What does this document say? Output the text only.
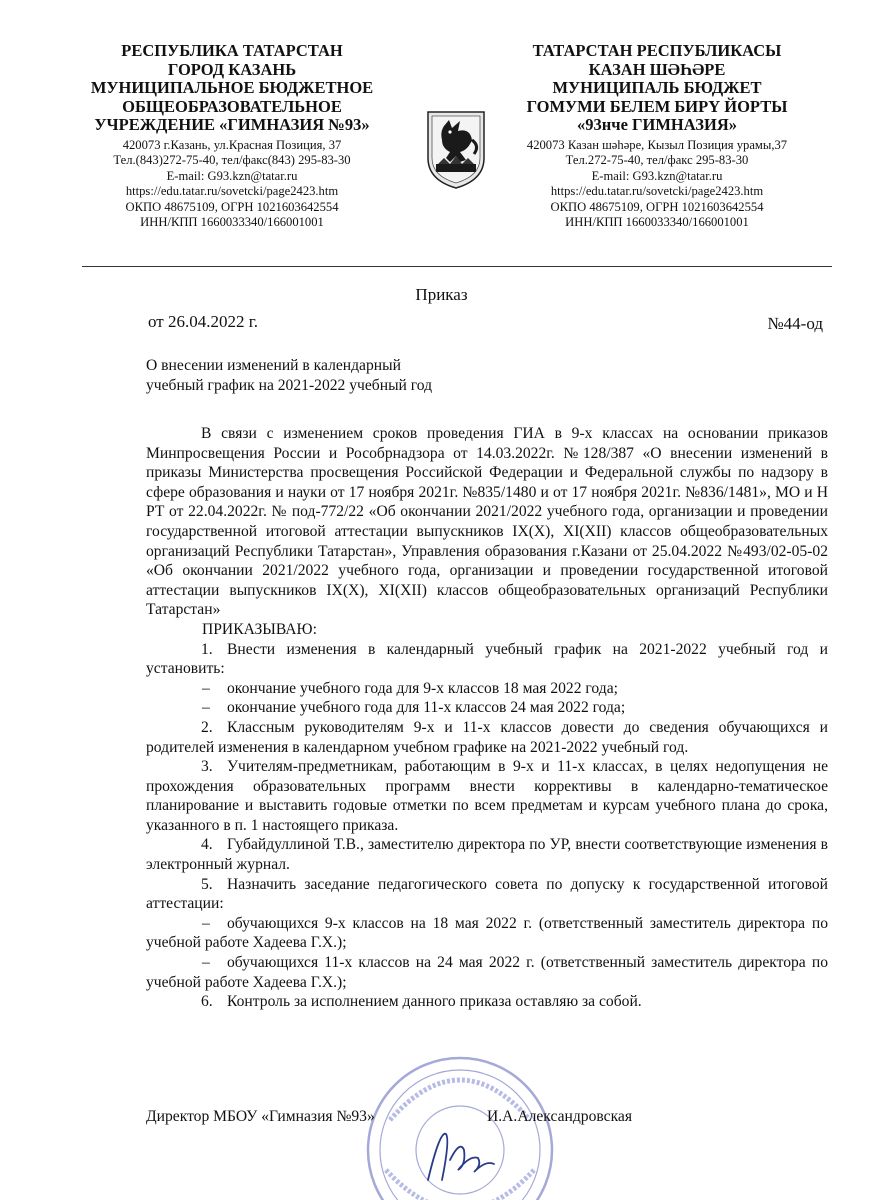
РЕСПУБЛИКА ТАТАРСТАН
ГОРОД КАЗАНЬ
МУНИЦИПАЛЬНОЕ БЮДЖЕТНОЕ
ОБЩЕОБРАЗОВАТЕЛЬНОЕ
УЧРЕЖДЕНИЕ «ГИМНАЗИЯ №93»
420073 г.Казань, ул.Красная Позиция, 37
Тел.(843)272-75-40, тел/факс(843) 295-83-30
E-mail: G93.kzn@tatar.ru
https://edu.tatar.ru/sovetcki/page2423.htm
ОКПО 48675109, ОГРН 1021603642554
ИНН/КПП 1660033340/166001001
ТАТАРСТАН РЕСПУБЛИКАСЫ
КАЗАН ШӘҺӘРЕ
МУНИЦИПАЛЬ БЮДЖЕТ
ГОМУМИ БЕЛЕМ БИРҮ ЙОРТЫ
«93нче ГИМНАЗИЯ»
420073 Казан шәһәре, Кызыл Позиция урамы,37
Тел.272-75-40, тел/факс 295-83-30
E-mail: G93.kzn@tatar.ru
https://edu.tatar.ru/sovetcki/page2423.htm
ОКПО 48675109, ОГРН 1021603642554
ИНН/КПП 1660033340/166001001
Приказ
от 26.04.2022 г.	№44-од
О внесении изменений в календарный
учебный график на 2021-2022 учебный год

В связи с изменением сроков проведения ГИА в 9-х классах на основании приказов Минпросвещения России и Рособрнадзора от 14.03.2022г. №128/387 «О внесении изменений в приказы Министерства просвещения Российской Федерации и Федеральной службы по надзору в сфере образования и науки от 17 ноября 2021г. №835/1480 и от 17 ноября 2021г. №836/1481», МО и Н РТ от 22.04.2022г. № под-772/22 «Об окончании 2021/2022 учебного года, организации и проведении государственной итоговой аттестации выпускников IX(X), XI(XII) классов общеобразовательных организаций Республики Татарстан», Управления образования г.Казани от 25.04.2022 №493/02-05-02 «Об окончании 2021/2022 учебного года, организации и проведении государственной итоговой аттестации выпускников IX(X), XI(XII) классов общеобразовательных организаций Республики Татарстан»

ПРИКАЗЫВАЮ:

1. Внести изменения в календарный учебный график на 2021-2022 учебный год и установить:

– окончание учебного года для 9-х классов 18 мая 2022 года;

– окончание учебного года для 11-х классов 24 мая 2022 года;

2. Классным руководителям 9-х и 11-х классов довести до сведения обучающихся и родителей изменения в календарном учебном графике на 2021-2022 учебный год.

3. Учителям-предметникам, работающим в 9-х и 11-х классах, в целях недопущения не прохождения образовательных программ внести коррективы в календарно-тематическое планирование и выставить годовые отметки по всем предметам и курсам учебного плана до срока, указанного в п. 1 настоящего приказа.

4. Губайдуллиной Т.В., заместителю директора по УР, внести соответствующие изменения в электронный журнал.

5. Назначить заседание педагогического совета по допуску к государственной итоговой аттестации:

– обучающихся 9-х классов на 18 мая 2022 г. (ответственный заместитель директора по учебной работе Хадеева Г.Х.);

– обучающихся 11-х классов на 24 мая 2022 г. (ответственный заместитель директора по учебной работе Хадеева Г.Х.);

6. Контроль за исполнением данного приказа оставляю за собой.

Директор МБОУ «Гимназия №93»	И.А.Александровская
